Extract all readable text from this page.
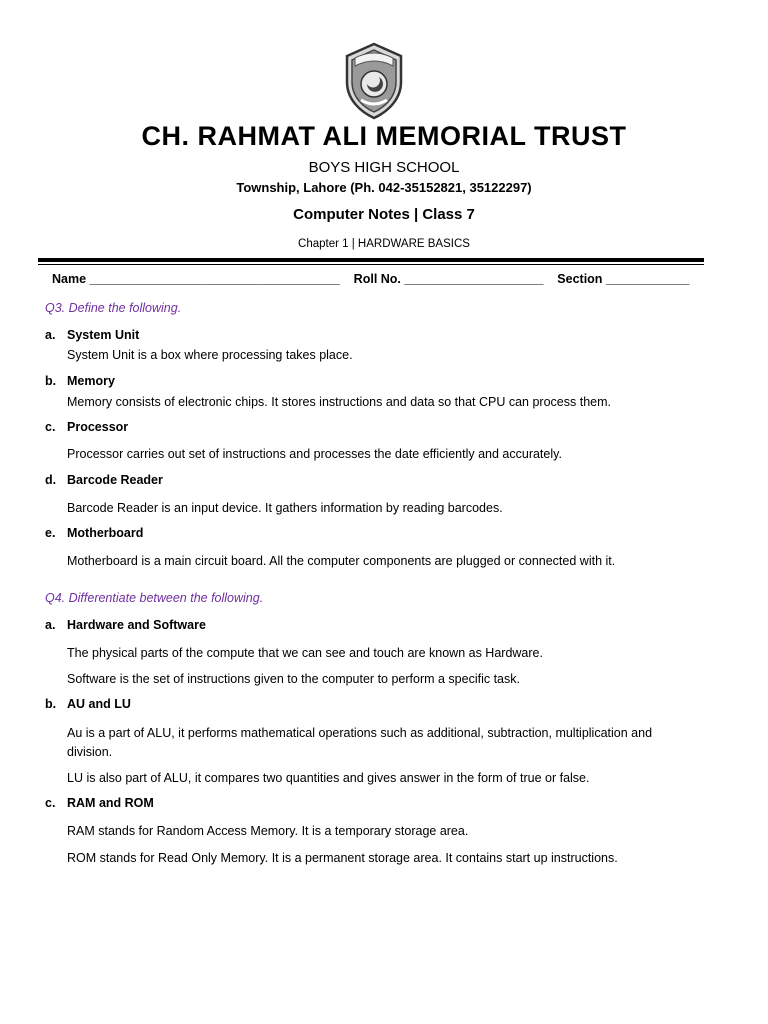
CH. RAHMAT ALI MEMORIAL TRUST
BOYS HIGH SCHOOL
Township, Lahore (Ph. 042-35152821, 35122297)
Computer Notes | Class 7
Chapter 1 | HARDWARE BASICS
Name ____________________________________    Roll No. ____________________    Section ____________
Q3. Define the following.
a. System Unit
System Unit is a box where processing takes place.
b. Memory
Memory consists of electronic chips. It stores instructions and data so that CPU can process them.
c. Processor
Processor carries out set of instructions and processes the date efficiently and accurately.
d. Barcode Reader
Barcode Reader is an input device. It gathers information by reading barcodes.
e. Motherboard
Motherboard is a main circuit board. All the computer components are plugged or connected with it.
Q4. Differentiate between the following.
a. Hardware and Software
The physical parts of the compute that we can see and touch are known as Hardware.
Software is the set of instructions given to the computer to perform a specific task.
b. AU and LU
Au is a part of ALU, it performs mathematical operations such as additional, subtraction, multiplication and division.
LU is also part of ALU, it compares two quantities and gives answer in the form of true or false.
c. RAM and ROM
RAM stands for Random Access Memory. It is a temporary storage area.
ROM stands for Read Only Memory. It is a permanent storage area. It contains start up instructions.
